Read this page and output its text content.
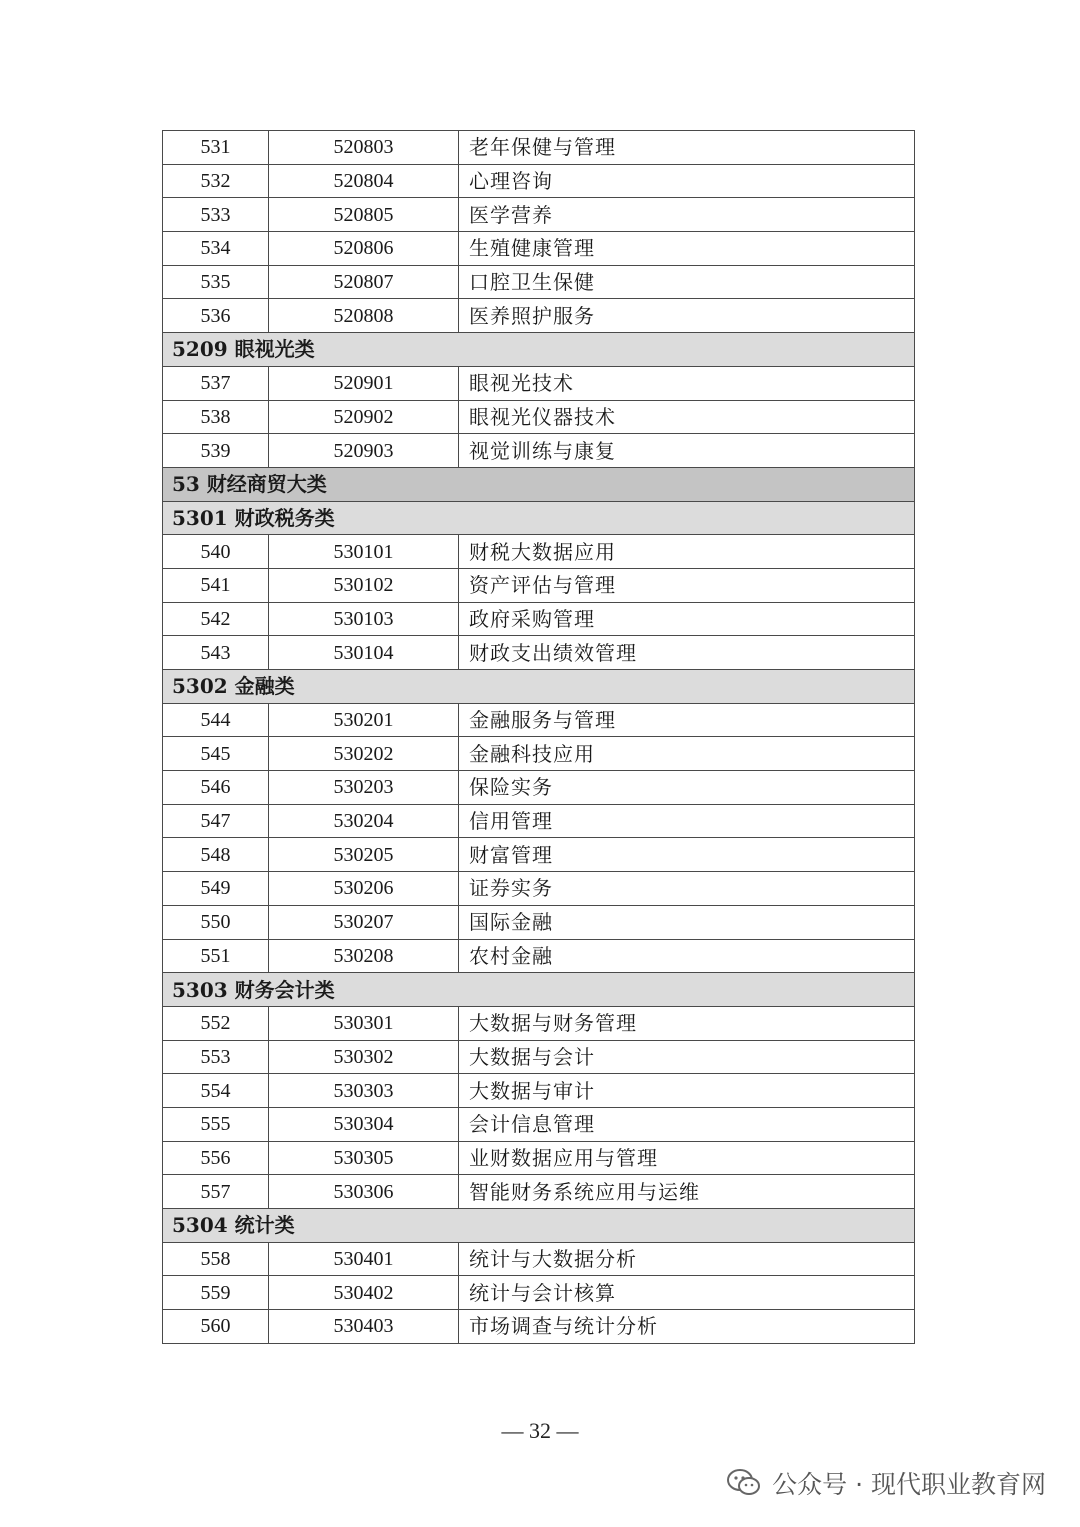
531	520803	老年保健与管理
532	520804	心理咨询
533	520805	医学营养
534	520806	生殖健康管理
535	520807	口腔卫生保健
536	520808	医养照护服务
5209 眼视光类		
537	520901	眼视光技术
538	520902	眼视光仪器技术
539	520903	视觉训练与康复
53 财经商贸大类		
5301 财政税务类		
540	530101	财税大数据应用
541	530102	资产评估与管理
542	530103	政府采购管理
543	530104	财政支出绩效管理
5302 金融类		
544	530201	金融服务与管理
545	530202	金融科技应用
546	530203	保险实务
547	530204	信用管理
548	530205	财富管理
549	530206	证券实务
550	530207	国际金融
551	530208	农村金融
5303 财务会计类		
552	530301	大数据与财务管理
553	530302	大数据与会计
554	530303	大数据与审计
555	530304	会计信息管理
556	530305	业财数据应用与管理
557	530306	智能财务系统应用与运维
5304 统计类		
558	530401	统计与大数据分析
559	530402	统计与会计核算
560	530403	市场调查与统计分析
— 32 —
公众号 · 现代职业教育网
